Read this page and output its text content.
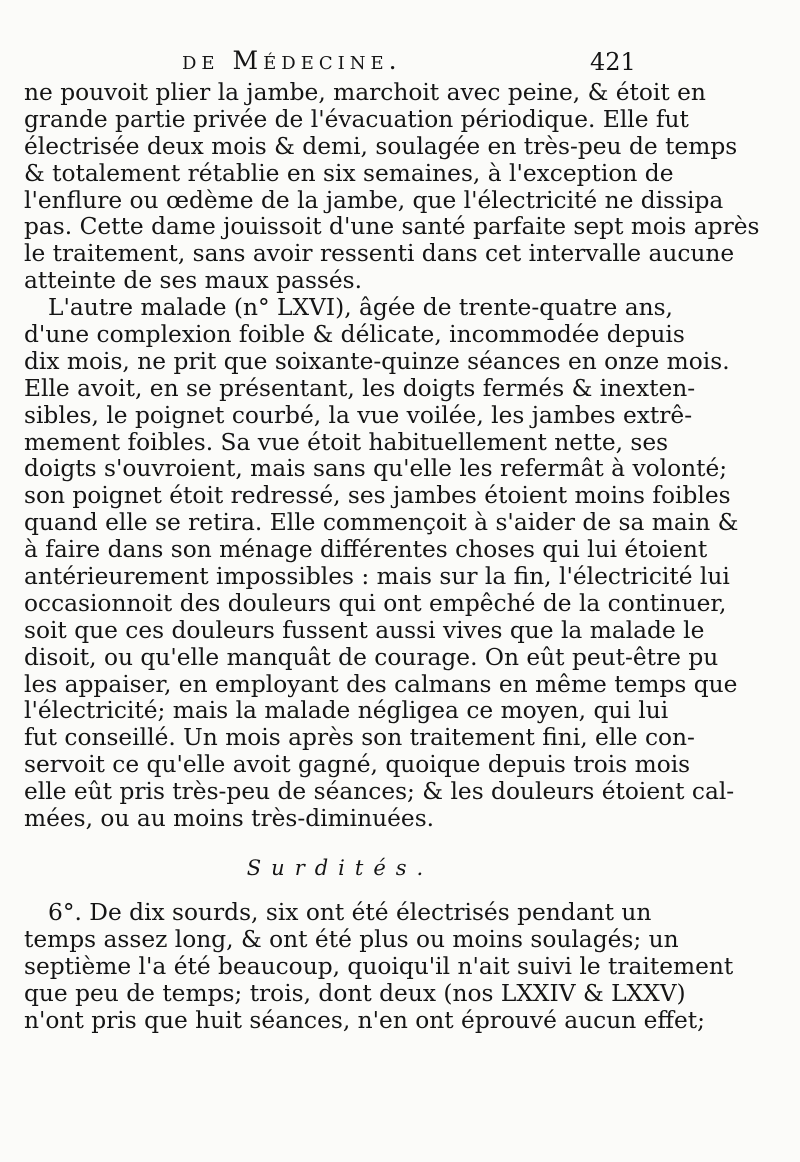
de Médecine.	421
ne pouvoit plier la jambe, marchoit avec peine, & étoit en
grande partie privée de l'évacuation périodique. Elle fut
électrisée deux mois & demi, soulagée en très-peu de temps
& totalement rétablie en six semaines, à l'exception de
l'enflure ou œdème de la jambe, que l'électricité ne dissipa
pas. Cette dame jouissoit d'une santé parfaite sept mois après
le traitement, sans avoir ressenti dans cet intervalle aucune
atteinte de ses maux passés.
L'autre malade (n° LXVI), âgée de trente-quatre ans,
d'une complexion foible & délicate, incommodée depuis
dix mois, ne prit que soixante-quinze séances en onze mois.
Elle avoit, en se présentant, les doigts fermés & inexten-
sibles, le poignet courbé, la vue voilée, les jambes extrê-
mement foibles. Sa vue étoit habituellement nette, ses
doigts s'ouvroient, mais sans qu'elle les refermât à volonté;
son poignet étoit redressé, ses jambes étoient moins foibles
quand elle se retira. Elle commençoit à s'aider de sa main &
à faire dans son ménage différentes choses qui lui étoient
antérieurement impossibles : mais sur la fin, l'électricité lui
occasionnoit des douleurs qui ont empêché de la continuer,
soit que ces douleurs fussent aussi vives que la malade le
disoit, ou qu'elle manquât de courage. On eût peut-être pu
les appaiser, en employant des calmans en même temps que
l'électricité; mais la malade négligea ce moyen, qui lui
fut conseillé. Un mois après son traitement fini, elle con-
servoit ce qu'elle avoit gagné, quoique depuis trois mois
elle eût pris très-peu de séances; & les douleurs étoient cal-
mées, ou au moins très-diminuées.
Surdités.
6°. De dix sourds, six ont été électrisés pendant un
temps assez long, & ont été plus ou moins soulagés; un
septième l'a été beaucoup, quoiqu'il n'ait suivi le traitement
que peu de temps; trois, dont deux (nos LXXIV & LXXV)
n'ont pris que huit séances, n'en ont éprouvé aucun effet;
